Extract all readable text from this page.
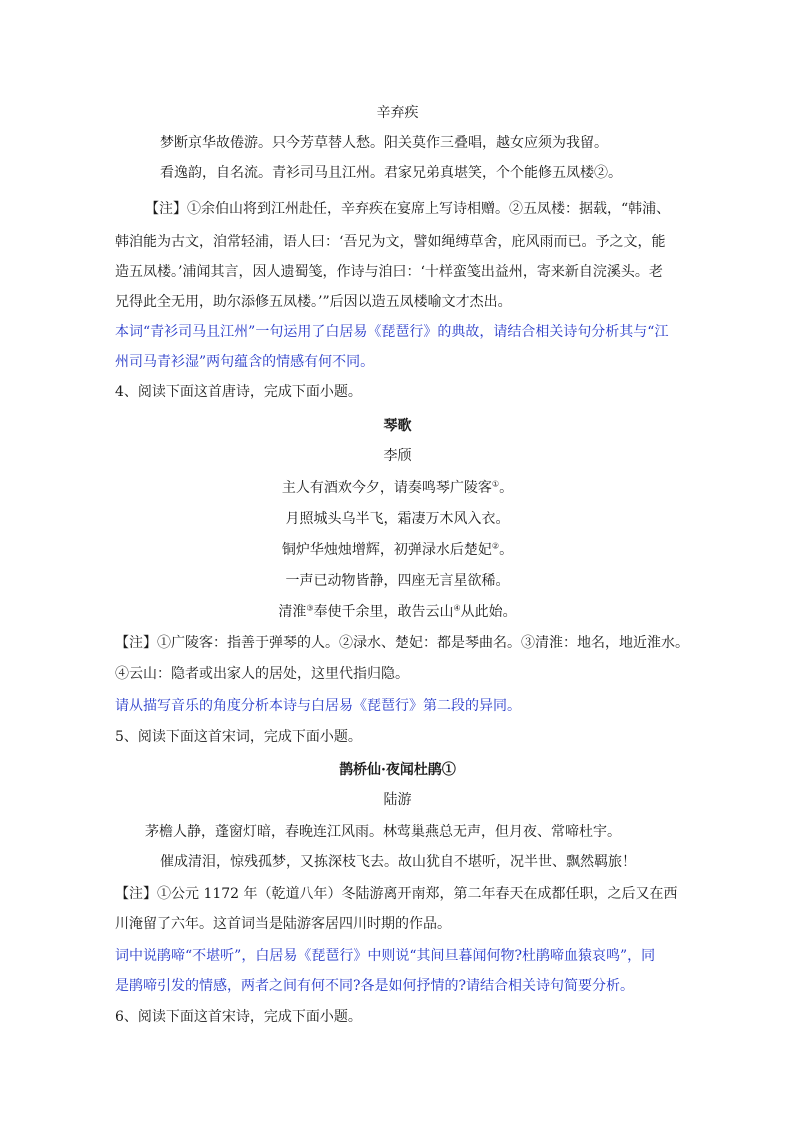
辛弃疾
梦断京华故倦游。只今芳草替人愁。阳关莫作三叠唱，越女应须为我留。
看逸韵，自名流。青衫司马且江州。君家兄弟真堪笑，个个能修五凤楼②。
【注】①余伯山将到江州赴任，辛弃疾在宴席上写诗相赠。②五凤楼：据载，“韩浦、
韩洎能为古文，洎常轻浦，语人曰：‘吾兄为文，譬如绳缚草舍，庇风雨而已。予之文，能
造五凤楼。’浦闻其言，因人遗蜀笺，作诗与洎曰：‘十样蛮笺出益州，寄来新自浣溪头。老
兄得此全无用，助尔添修五凤楼。’”后因以造五凤楼喻文才杰出。
本词“青衫司马且江州”一句运用了白居易《琵琶行》的典故，请结合相关诗句分析其与“江
州司马青衫湿”两句蕴含的情感有何不同。
4、阅读下面这首唐诗，完成下面小题。
琴歌
李颀
主人有酒欢今夕，请奏鸣琴广陵客①。
月照城头乌半飞，霜凄万木风入衣。
铜炉华烛烛增辉，初弹渌水后楚妃②。
一声已动物皆静，四座无言星欲稀。
清淮③奉使千余里，敢告云山④从此始。
【注】①广陵客：指善于弹琴的人。②渌水、楚妃：都是琴曲名。③清淮：地名，地近淮水。
④云山：隐者或出家人的居处，这里代指归隐。
请从描写音乐的角度分析本诗与白居易《琵琶行》第二段的异同。
5、阅读下面这首宋词，完成下面小题。
鹊桥仙·夜闻杜鹃①
陆游
茅檐人静，蓬窗灯暗，春晚连江风雨。林莺巢燕总无声，但月夜、常啼杜宇。
催成清泪，惊残孤梦，又拣深枝飞去。故山犹自不堪听，况半世、飘然羁旅！
【注】①公元 1172 年（乾道八年）冬陆游离开南郑，第二年春天在成都任职，之后又在西
川淹留了六年。这首词当是陆游客居四川时期的作品。
词中说鹃啼“不堪听”，白居易《琵琶行》中则说“其间旦暮闻何物?杜鹃啼血猿哀鸣”，同
是鹃啼引发的情感，两者之间有何不同?各是如何抒情的?请结合相关诗句简要分析。
6、阅读下面这首宋诗，完成下面小题。
